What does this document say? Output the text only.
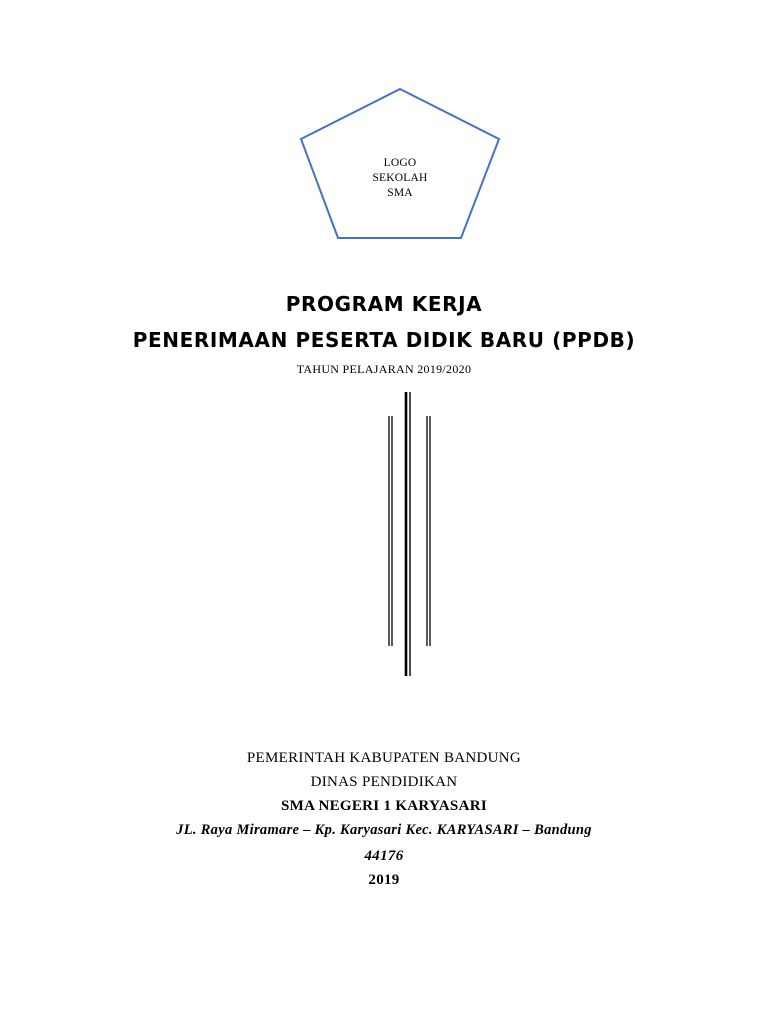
LOGO
SEKOLAH
SMA
PROGRAM KERJA
PENERIMAAN PESERTA DIDIK BARU (PPDB)
TAHUN PELAJARAN 2019/2020
PEMERINTAH KABUPATEN BANDUNG
DINAS PENDIDIKAN
SMA NEGERI 1 KARYASARI
JL. Raya Miramare – Kp. Karyasari Kec. KARYASARI – Bandung
44176
2019
